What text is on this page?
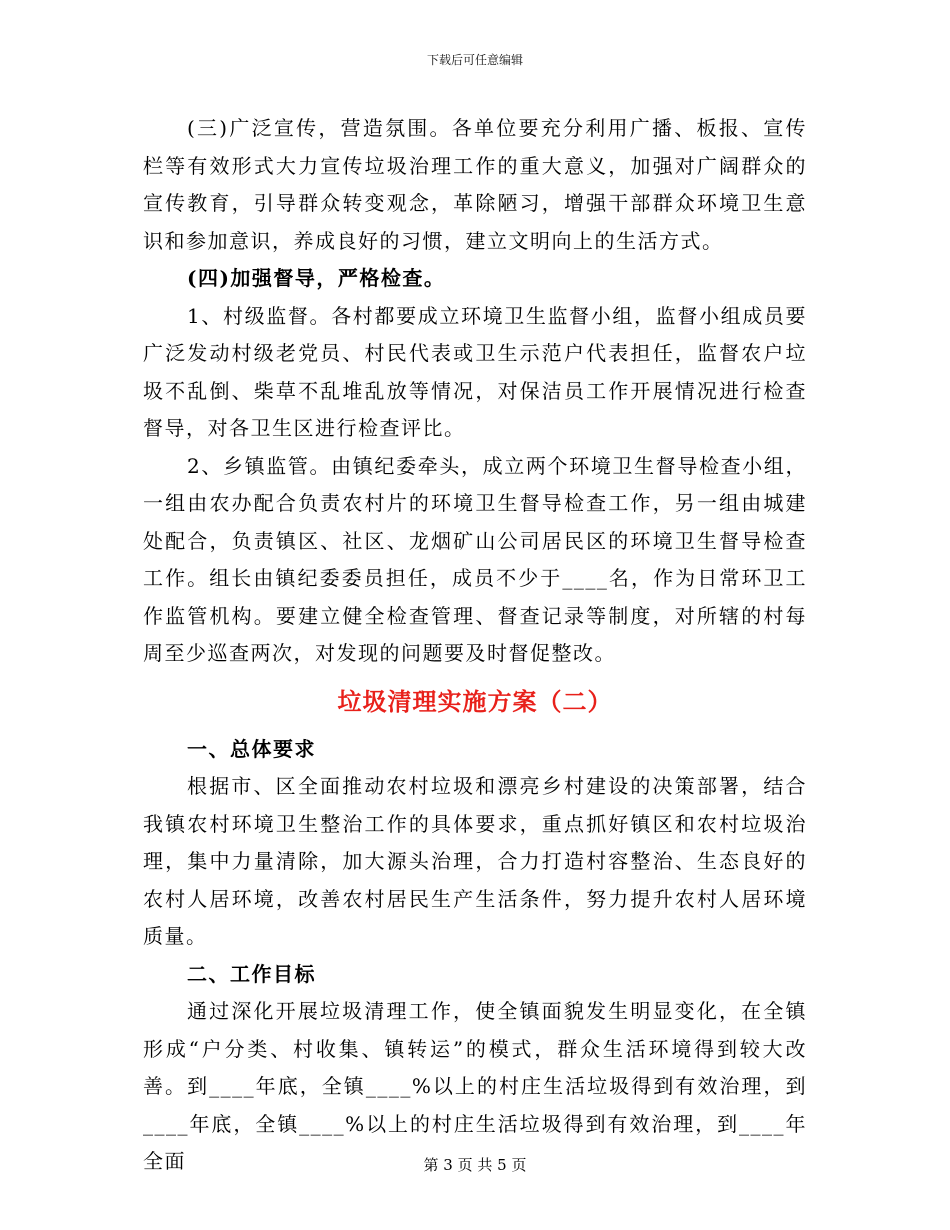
下载后可任意编辑

(三)广泛宣传，营造氛围。各单位要充分利用广播、板报、宣传栏等有效形式大力宣传垃圾治理工作的重大意义，加强对广阔群众的宣传教育，引导群众转变观念，革除陋习，增强干部群众环境卫生意识和参加意识，养成良好的习惯，建立文明向上的生活方式。

(四)加强督导，严格检查。

1、村级监督。各村都要成立环境卫生监督小组，监督小组成员要广泛发动村级老党员、村民代表或卫生示范户代表担任，监督农户垃圾不乱倒、柴草不乱堆乱放等情况，对保洁员工作开展情况进行检查督导，对各卫生区进行检查评比。

2、乡镇监管。由镇纪委牵头，成立两个环境卫生督导检查小组，一组由农办配合负责农村片的环境卫生督导检查工作，另一组由城建处配合，负责镇区、社区、龙烟矿山公司居民区的环境卫生督导检查工作。组长由镇纪委委员担任，成员不少于____名，作为日常环卫工作监管机构。要建立健全检查管理、督查记录等制度，对所辖的村每周至少巡查两次，对发现的问题要及时督促整改。

垃圾清理实施方案（二）
一、总体要求

根据市、区全面推动农村垃圾和漂亮乡村建设的决策部署，结合我镇农村环境卫生整治工作的具体要求，重点抓好镇区和农村垃圾治理，集中力量清除，加大源头治理，合力打造村容整治、生态良好的农村人居环境，改善农村居民生产生活条件，努力提升农村人居环境质量。

二、工作目标

通过深化开展垃圾清理工作，使全镇面貌发生明显变化，在全镇形成“户分类、村收集、镇转运”的模式，群众生活环境得到较大改善。到____年底，全镇____%以上的村庄生活垃圾得到有效治理，到____年底，全镇____%以上的村庄生活垃圾得到有效治理，到____年全面	第 3 页 共 5 页
